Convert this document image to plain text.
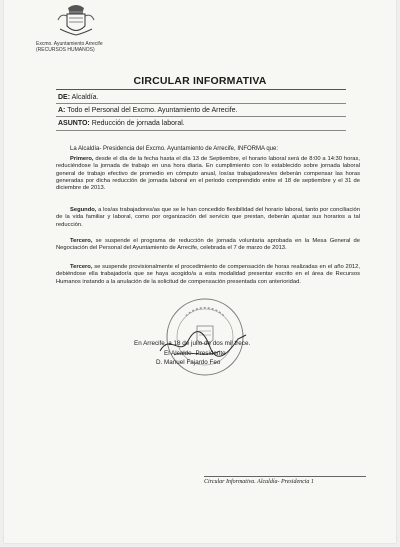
Excmo. Ayuntamiento Arrecife
(RECURSOS HUMANOS)
CIRCULAR INFORMATIVA
DE: Alcaldía.
A: Todo el Personal del Excmo. Ayuntamiento de Arrecife.
ASUNTO: Reducción de jornada laboral.
La Alcaldía- Presidencia del Excmo. Ayuntamiento de Arrecife, INFORMA que:

Primero, desde el día de la fecha hasta el día 13 de Septiembre, el horario laboral será de 8:00 a 14:30 horas, reduciéndose la jornada de trabajo en una hora diaria. En cumplimiento con lo establecido sobre jornada laboral general de trabajo efectivo de promedio en cómputo anual, los/as trabajadores/es deberán compensar las horas generadas por dicha reducción de jornada laboral en el periodo comprendido entre el 18 de septiembre y el 31 de diciembre de 2013.

Segundo, a los/as trabajadores/as que se le han concedido flexibilidad del horario laboral, tanto por conciliación de la vida familiar y laboral, como por organización del servicio que prestan, deberán ajustar sus horarios a tal reducción.

Tercero, se suspende el programa de reducción de jornada voluntaria aprobada en la Mesa General de Negociación del Personal del Ayuntamiento de Arrecife, celebrada el 7 de marzo de 2013.

Tercero, se suspende provisionalmente el procedimiento de compensación de horas realizadas en el año 2012, debiéndose ella trabajador/a que se haya acogido/a a esta modalidad presentar escrito en el área de Recursos Humanos instando a la anulación de la solicitud de compensación presentada con anterioridad.

En Arrecife, a 18 de julio de dos mil trece.
El Alcalde- Presidente
D. Manuel Fajardo Feo
Circular Informativa. Alcaldía- Presidencia 1
